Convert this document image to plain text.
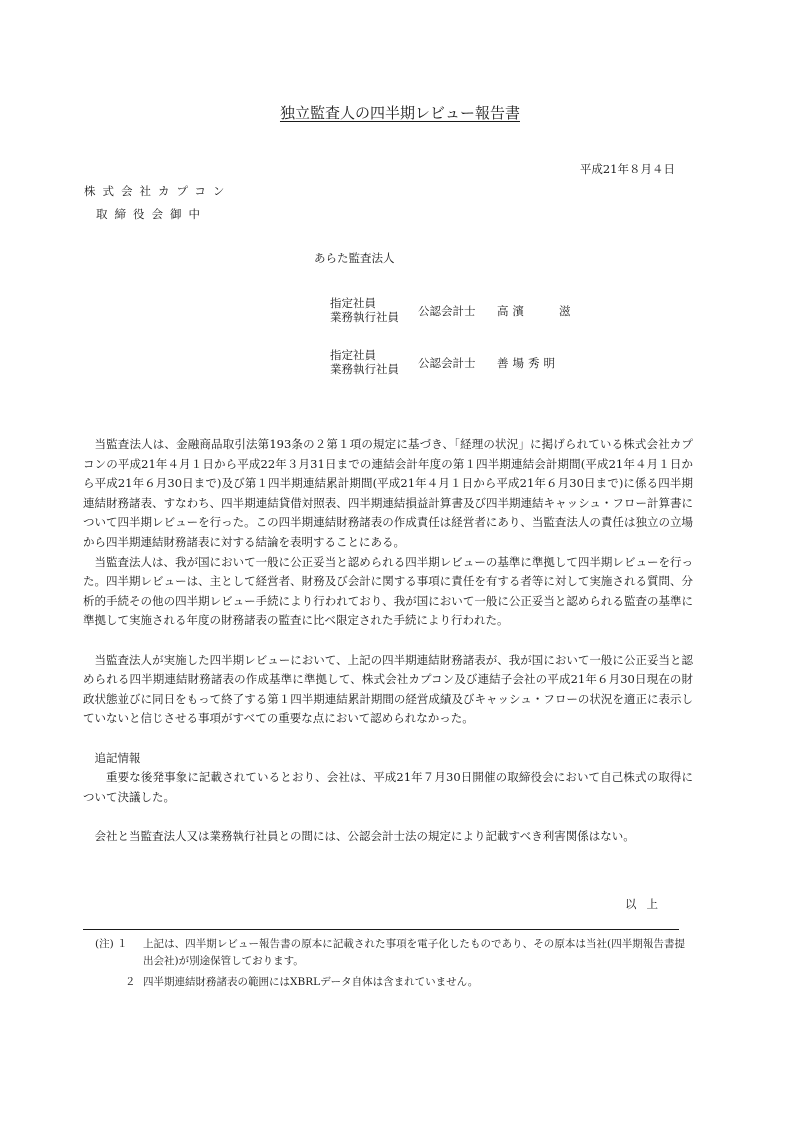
独立監査人の四半期レビュー報告書
平成21年８月４日
株式会社カプコン
取締役会御中
あらた監査法人
指定社員
業務執行社員 公認会計士 高濱　　滋
指定社員
業務執行社員 公認会計士 善場秀明

当監査法人は、金融商品取引法第193条の２第１項の規定に基づき、「経理の状況」に掲げられている株式会社カプコンの平成21年４月１日から平成22年３月31日までの連結会計年度の第１四半期連結会計期間(平成21年４月１日から平成21年６月30日まで)及び第１四半期連結累計期間(平成21年４月１日から平成21年６月30日まで)に係る四半期連結財務諸表、すなわち、四半期連結貸借対照表、四半期連結損益計算書及び四半期連結キャッシュ・フロー計算書について四半期レビューを行った。この四半期連結財務諸表の作成責任は経営者にあり、当監査法人の責任は独立の立場から四半期連結財務諸表に対する結論を表明することにある。

当監査法人は、我が国において一般に公正妥当と認められる四半期レビューの基準に準拠して四半期レビューを行った。四半期レビューは、主として経営者、財務及び会計に関する事項に責任を有する者等に対して実施される質問、分析的手続その他の四半期レビュー手続により行われており、我が国において一般に公正妥当と認められる監査の基準に準拠して実施される年度の財務諸表の監査に比べ限定された手続により行われた。

当監査法人が実施した四半期レビューにおいて、上記の四半期連結財務諸表が、我が国において一般に公正妥当と認められる四半期連結財務諸表の作成基準に準拠して、株式会社カプコン及び連結子会社の平成21年６月30日現在の財政状態並びに同日をもって終了する第１四半期連結累計期間の経営成績及びキャッシュ・フローの状況を適正に表示していないと信じさせる事項がすべての重要な点において認められなかった。

追記情報

重要な後発事象に記載されているとおり、会社は、平成21年７月30日開催の取締役会において自己株式の取得について決議した。

会社と当監査法人又は業務執行社員との間には、公認会計士法の規定により記載すべき利害関係はない。

以上
(注) １	上記は、四半期レビュー報告書の原本に記載された事項を電子化したものであり、その原本は当社(四半期報告書提出会社)が別途保管しております。
２ 四半期連結財務諸表の範囲にはXBRLデータ自体は含まれていません。
